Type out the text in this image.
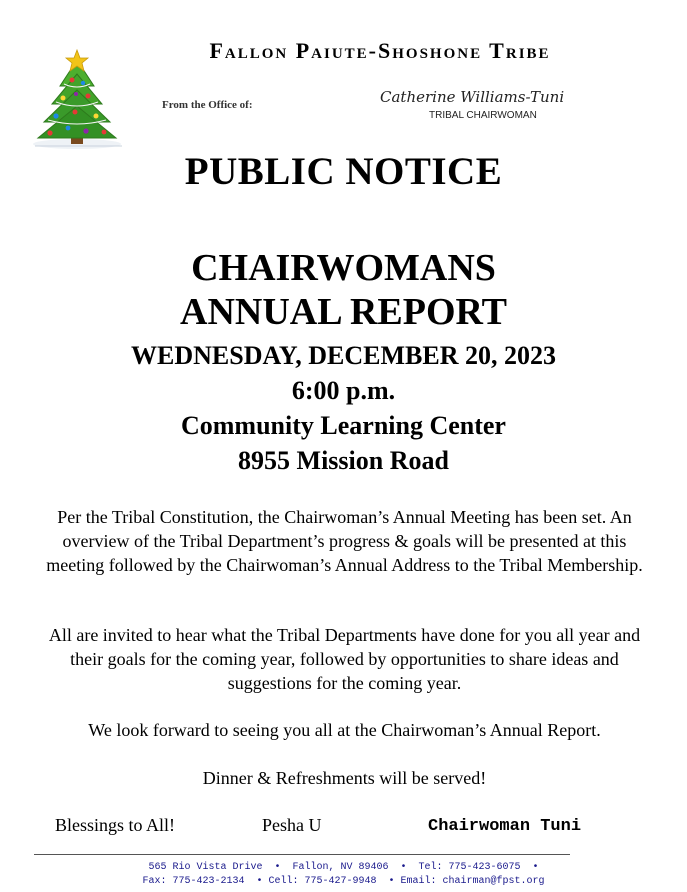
Fallon Paiute-Shoshone Tribe
From the Office of:	Catherine Williams-Tuni
TRIBAL CHAIRWOMAN
PUBLIC NOTICE
CHAIRWOMANS
ANNUAL REPORT
WEDNESDAY, DECEMBER 20, 2023
6:00 p.m.
Community Learning Center
8955 Mission Road
Per the Tribal Constitution, the Chairwoman’s Annual Meeting has been set. An overview of the Tribal Department’s progress & goals will be presented at this meeting followed by the Chairwoman’s Annual Address to the Tribal Membership.
All are invited to hear what the Tribal Departments have done for you all year and their goals for the coming year, followed by opportunities to share ideas and suggestions for the coming year.
We look forward to seeing you all at the Chairwoman’s Annual Report.
Dinner & Refreshments will be served!
Blessings to All!	Pesha U	Chairwoman Tuni
565 Rio Vista Drive  •  Fallon, NV 89406  •  Tel: 775-423-6075  •
Fax: 775-423-2134  • Cell: 775-427-9948  • Email: chairman@fpst.org
